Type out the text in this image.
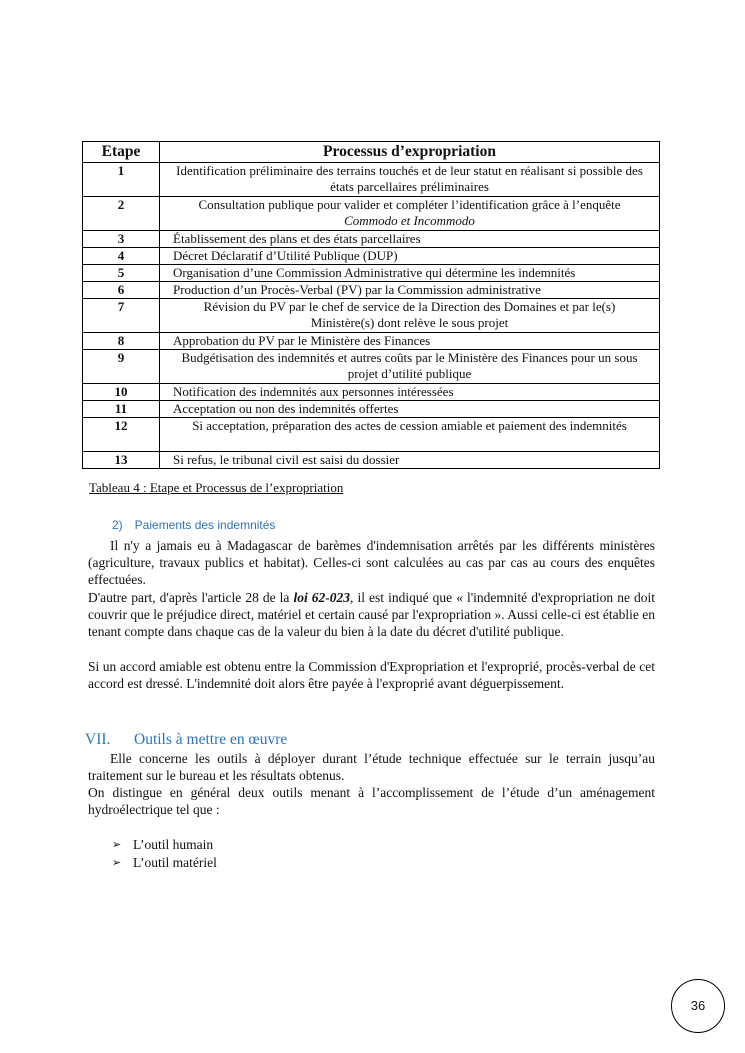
Etape	Processus d’expropriation
1	Identification préliminaire des terrains touchés et de leur statut en réalisant si possible des états parcellaires préliminaires
2	Consultation publique pour valider et compléter l’identification grâce à l’enquête Commodo et Incommodo
3	Établissement des plans et des états parcellaires
4	Décret Déclaratif d’Utilité Publique (DUP)
5	Organisation d’une Commission Administrative qui détermine les indemnités
6	Production d’un Procès-Verbal (PV) par la Commission administrative
7	Révision du PV par le chef de service de la Direction des Domaines et par le(s) Ministère(s) dont relève le sous projet
8	Approbation du PV par le Ministère des Finances
9	Budgétisation des indemnités et autres coûts par le Ministère des Finances pour un sous projet d’utilité publique
10	Notification des indemnités aux personnes intéressées
11	Acceptation ou non des indemnités offertes
12	Si acceptation, préparation des actes de cession amiable et paiement des indemnités
13	Si refus, le tribunal civil est saisi du dossier
Tableau 4 : Etape et Processus de l’expropriation
2) Paiements des indemnités

Il n'y a jamais eu à Madagascar de barèmes d'indemnisation arrêtés par les différents ministères (agriculture, travaux publics et habitat). Celles-ci sont calculées au cas par cas au cours des enquêtes effectuées.

D'autre part, d'après l'article 28 de la loi 62-023, il est indiqué que « l'indemnité d'expropriation ne doit couvrir que le préjudice direct, matériel et certain causé par l'expropriation ». Aussi celle-ci est établie en tenant compte dans chaque cas de la valeur du bien à la date du décret d'utilité publique.

Si un accord amiable est obtenu entre la Commission d'Expropriation et l'exproprié, procès-verbal de cet accord est dressé. L'indemnité doit alors être payée à l'exproprié avant déguerpissement.

VII. Outils à mettre en œuvre

Elle concerne les outils à déployer durant l’étude technique effectuée sur le terrain jusqu’au traitement sur le bureau et les résultats obtenus.

On distingue en général deux outils menant à l’accomplissement de l’étude d’un aménagement hydroélectrique tel que :

➢ L’outil humain
➢ L’outil matériel
36
